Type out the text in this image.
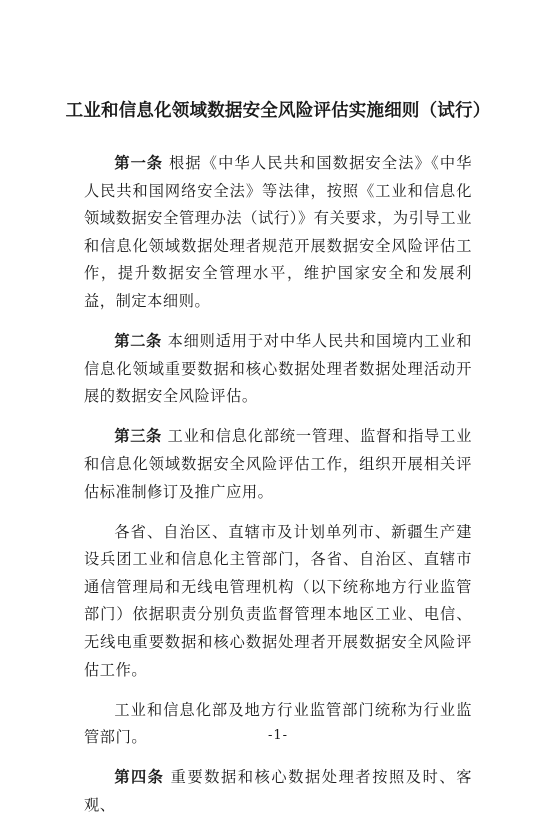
工业和信息化领域数据安全风险评估实施细则（试行）

第一条 根据《中华人民共和国数据安全法》《中华人民共和国网络安全法》等法律，按照《工业和信息化领域数据安全管理办法（试行）》有关要求，为引导工业和信息化领域数据处理者规范开展数据安全风险评估工作，提升数据安全管理水平，维护国家安全和发展利益，制定本细则。

第二条 本细则适用于对中华人民共和国境内工业和信息化领域重要数据和核心数据处理者数据处理活动开展的数据安全风险评估。

第三条 工业和信息化部统一管理、监督和指导工业和信息化领域数据安全风险评估工作，组织开展相关评估标准制修订及推广应用。

各省、自治区、直辖市及计划单列市、新疆生产建设兵团工业和信息化主管部门，各省、自治区、直辖市通信管理局和无线电管理机构（以下统称地方行业监管部门）依据职责分别负责监督管理本地区工业、电信、无线电重要数据和核心数据处理者开展数据安全风险评估工作。

工业和信息化部及地方行业监管部门统称为行业监管部门。

第四条 重要数据和核心数据处理者按照及时、客观、

-1-
